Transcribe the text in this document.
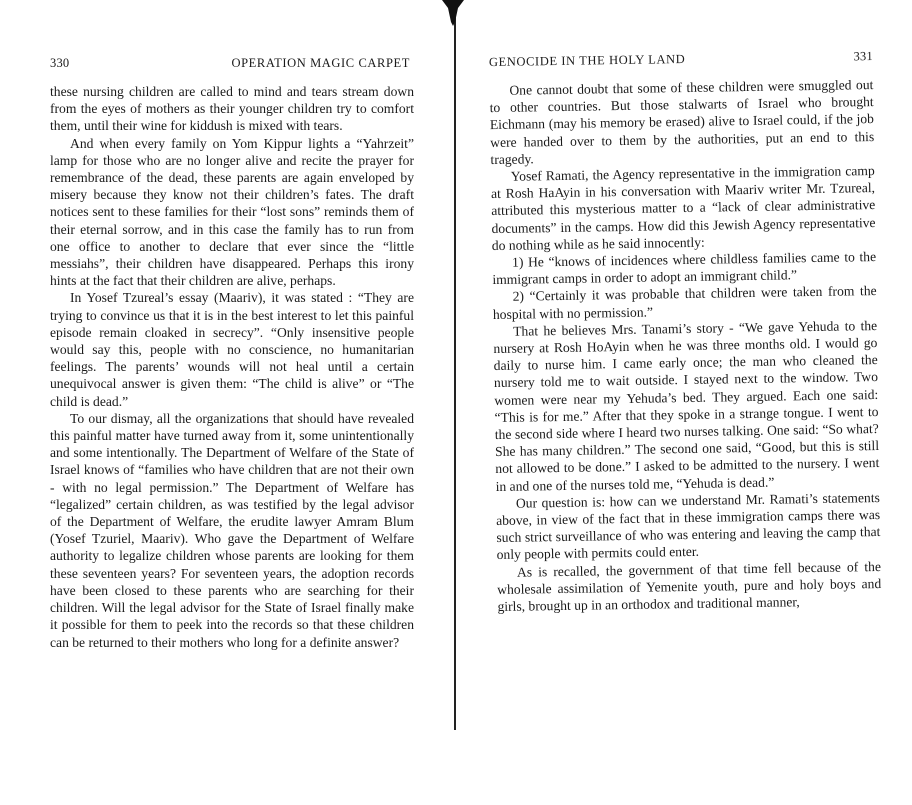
330	OPERATION MAGIC CARPET

these nursing children are called to mind and tears stream down from the eyes of mothers as their younger children try to comfort them, until their wine for kiddush is mixed with tears.

And when every family on Yom Kippur lights a “Yahrzeit” lamp for those who are no longer alive and recite the prayer for remembrance of the dead, these parents are again enveloped by misery because they know not their children’s fates. The draft notices sent to these families for their “lost sons” reminds them of their eternal sorrow, and in this case the family has to run from one office to another to declare that ever since the “little messiahs”, their children have disappeared. Perhaps this irony hints at the fact that their children are alive, perhaps.

In Yosef Tzureal’s essay (Maariv), it was stated : “They are trying to convince us that it is in the best interest to let this painful episode remain cloaked in secrecy”. “Only insensitive people would say this, people with no conscience, no humanitarian feelings. The parents’ wounds will not heal until a certain unequivocal answer is given them: “The child is alive” or “The child is dead.”

To our dismay, all the organizations that should have revealed this painful matter have turned away from it, some unintentionally and some intentionally. The Department of Welfare of the State of Israel knows of “families who have children that are not their own - with no legal permission.” The Department of Welfare has “legalized” certain children, as was testified by the legal advisor of the Department of Welfare, the erudite lawyer Amram Blum (Yosef Tzuriel, Maariv). Who gave the Department of Welfare authority to legalize children whose parents are looking for them these seventeen years? For seventeen years, the adoption records have been closed to these parents who are searching for their children. Will the legal advisor for the State of Israel finally make it possible for them to peek into the records so that these children can be returned to their mothers who long for a definite answer?

GENOCIDE IN THE HOLY LAND	331

One cannot doubt that some of these children were smuggled out to other countries. But those stalwarts of Israel who brought Eichmann (may his memory be erased) alive to Israel could, if the job were handed over to them by the authorities, put an end to this tragedy.

Yosef Ramati, the Agency representative in the immigration camp at Rosh HaAyin in his conversation with Maariv writer Mr. Tzureal, attributed this mysterious matter to a “lack of clear administrative documents” in the camps. How did this Jewish Agency representative do nothing while as he said innocently:

1) He “knows of incidences where childless families came to the immigrant camps in order to adopt an immigrant child.”

2) “Certainly it was probable that children were taken from the hospital with no permission.”

That he believes Mrs. Tanami’s story - “We gave Yehuda to the nursery at Rosh HoAyin when he was three months old. I would go daily to nurse him. I came early once; the man who cleaned the nursery told me to wait outside. I stayed next to the window. Two women were near my Yehuda’s bed. They argued. Each one said: “This is for me.” After that they spoke in a strange tongue. I went to the second side where I heard two nurses talking. One said: “So what? She has many children.” The second one said, “Good, but this is still not allowed to be done.” I asked to be admitted to the nursery. I went in and one of the nurses told me, “Yehuda is dead.”

Our question is: how can we understand Mr. Ramati’s statements above, in view of the fact that in these immigration camps there was such strict surveillance of who was entering and leaving the camp that only people with permits could enter.

As is recalled, the government of that time fell because of the wholesale assimilation of Yemenite youth, pure and holy boys and girls, brought up in an orthodox and traditional manner,
